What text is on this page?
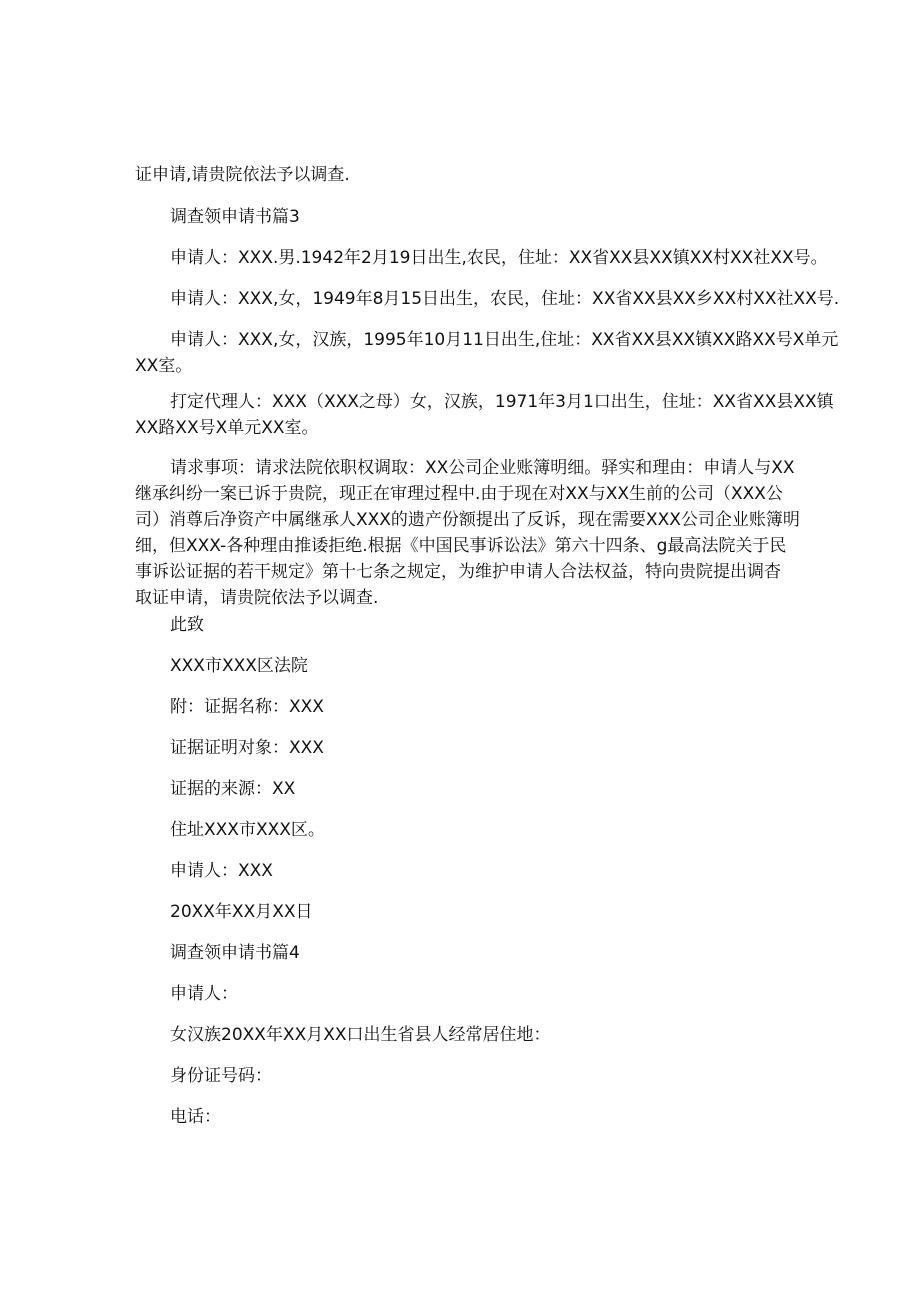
证申请,请贵院依法予以调查.
调查领申请书篇3
申请人：XXX.男.1942年2月19日出生,农民，住址：XX省XX县XX镇XX村XX社XX号。
申请人：XXX,女，1949年8月15日出生，农民，住址：XX省XX县XX乡XX村XX社XX号.
申请人：XXX,女，汉族，1995年10月11日出生,住址：XX省XX县XX镇XX路XX号X单元
XX室。
打定代理人：XXX（XXX之母）女，汉族，1971年3月1口出生，住址：XX省XX县XX镇
XX路XX号X单元XX室。
请求事项：请求法院依职权调取：XX公司企业账簿明细。驿实和理由：申请人与XX
继承纠纷一案已诉于贵院，现正在审理过程中.由于现在对XX与XX生前的公司（XXX公
司）消尊后净资产中属继承人XXX的遗产份额提出了反诉，现在需要XXX公司企业账簿明
细，但XXX-各种理由推诿拒绝.根据《中国民事诉讼法》第六十四条、g最高法院关于民
事诉讼证据的若干规定》第十七条之规定，为维护申请人合法权益，特向贵院提出调杳
取证申请，请贵院依法予以调查.
此致
XXX市XXX区法院
附：证据名称：XXX
证据证明对象：XXX
证据的来源：XX
住址XXX市XXX区。
申请人：XXX
20XX年XX月XX日
调查领申请书篇4
申请人：
女汉族20XX年XX月XX口出生省县人经常居住地：
身份证号码：
电话：
